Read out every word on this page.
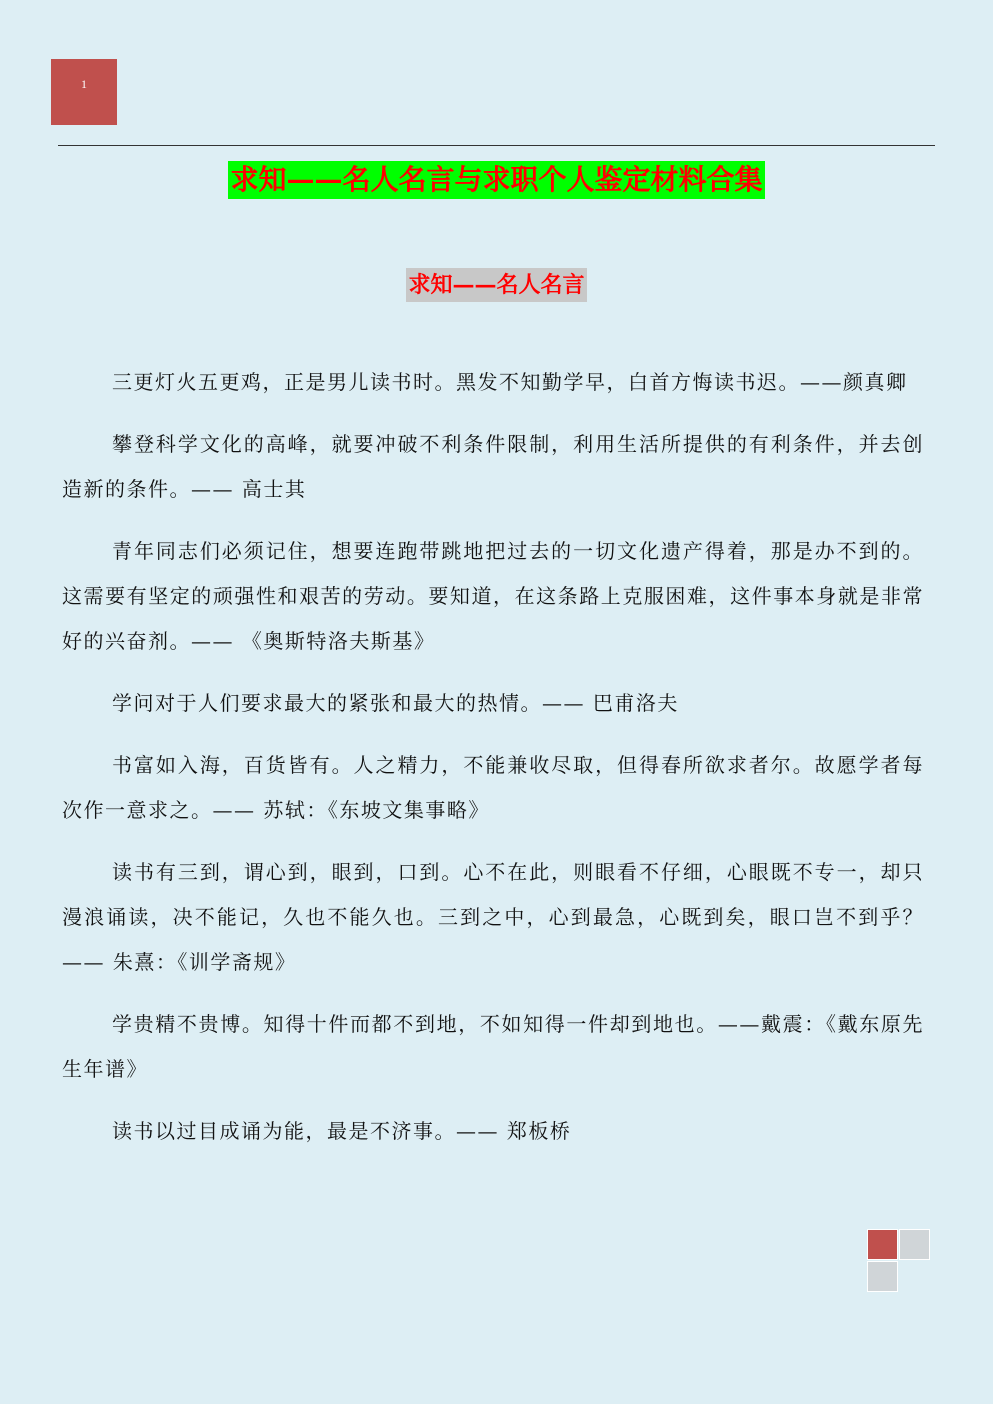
1
求知——名人名言与求职个人鉴定材料合集
求知——名人名言

三更灯火五更鸡，正是男儿读书时。黑发不知勤学早，白首方悔读书迟。——颜真卿

攀登科学文化的高峰，就要冲破不利条件限制，利用生活所提供的有利条件，并去创造新的条件。—— 高士其

青年同志们必须记住，想要连跑带跳地把过去的一切文化遗产得着，那是办不到的。这需要有坚定的顽强性和艰苦的劳动。要知道，在这条路上克服困难，这件事本身就是非常好的兴奋剂。—— 《奥斯特洛夫斯基》

学问对于人们要求最大的紧张和最大的热情。—— 巴甫洛夫

书富如入海，百货皆有。人之精力，不能兼收尽取，但得春所欲求者尔。故愿学者每次作一意求之。—— 苏轼：《东坡文集事略》

读书有三到，谓心到，眼到，口到。心不在此，则眼看不仔细，心眼既不专一，却只漫浪诵读，决不能记，久也不能久也。三到之中，心到最急，心既到矣，眼口岂不到乎？ —— 朱熹：《训学斋规》

学贵精不贵博。知得十件而都不到地，不如知得一件却到地也。——戴震：《戴东原先生年谱》

读书以过目成诵为能，最是不济事。—— 郑板桥
